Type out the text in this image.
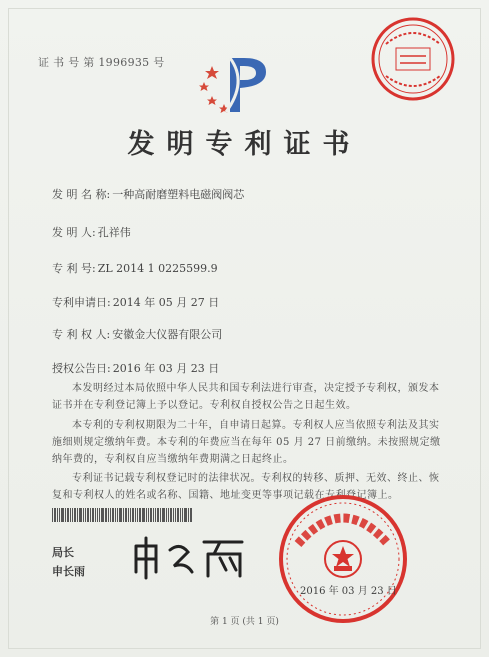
证 书 号 第 1996935 号
发明专利证书
发 明 名 称: 一种高耐磨塑料电磁阀阀芯
发 明 人: 孔祥伟
专 利 号: ZL 2014 1 0225599.9
专利申请日: 2014 年 05 月 27 日
专 利 权 人: 安徽金大仪器有限公司
授权公告日: 2016 年 03 月 23 日
本发明经过本局依照中华人民共和国专利法进行审查，决定授予专利权，颁发本证书并在专利登记簿上予以登记。专利权自授权公告之日起生效。
本专利的专利权期限为二十年，自申请日起算。专利权人应当依照专利法及其实施细则规定缴纳年费。本专利的年费应当在每年 05 月 27 日前缴纳。未按照规定缴纳年费的，专利权自应当缴纳年费期满之日起终止。
专利证书记载专利权登记时的法律状况。专利权的转移、质押、无效、终止、恢复和专利权人的姓名或名称、国籍、地址变更等事项记载在专利登记簿上。
局长
申长雨
2016 年 03 月 23 日
第 1 页 (共 1 页)
